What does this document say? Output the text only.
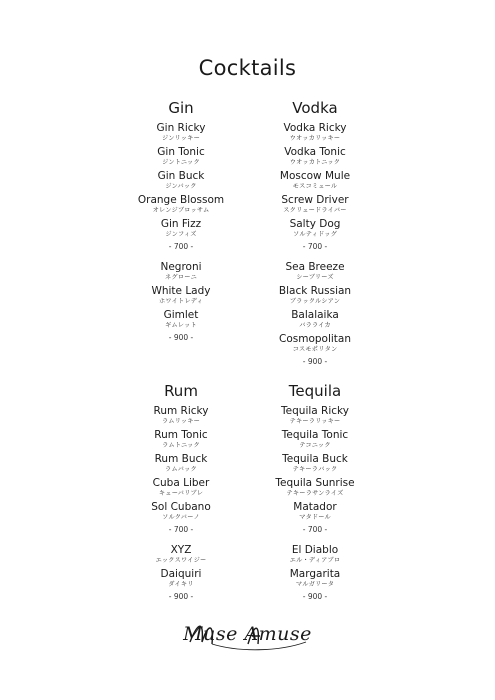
Cocktails
Gin
Gin Ricky
ジンリッキー
Gin Tonic
ジントニック
Gin Buck
ジンバック
Orange Blossom
オレンジブロッサム
Gin Fizz
ジンフィズ
- 700 -
Negroni
ネグローニ
White Lady
ホワイトレディ
Gimlet
ギムレット
- 900 -
Vodka
Vodka Ricky
ウオッカリッキー
Vodka Tonic
ウオッカトニック
Moscow Mule
モスコミュール
Screw Driver
スクリュードライバー
Salty Dog
ソルティドッグ
- 700 -
Sea Breeze
シーブリーズ
Black Russian
ブラックルシアン
Balalaika
バラライカ
Cosmopolitan
コスモポリタン
- 900 -
Rum
Rum Ricky
ラムリッキー
Rum Tonic
ラムトニック
Rum Buck
ラムバック
Cuba Liber
キューバリブレ
Sol Cubano
ソルクバーノ
- 700 -
XYZ
エックスワイジー
Daiquiri
ダイキリ
- 900 -
Tequila
Tequila Ricky
テキーラリッキー
Tequila Tonic
テコニック
Tequila Buck
テキーラバック
Tequila Sunrise
テキーラサンライズ
Matador
マタドール
- 700 -
El Diablo
エル・ディアブロ
Margarita
マルガリータ
- 900 -
Muse Amuse
